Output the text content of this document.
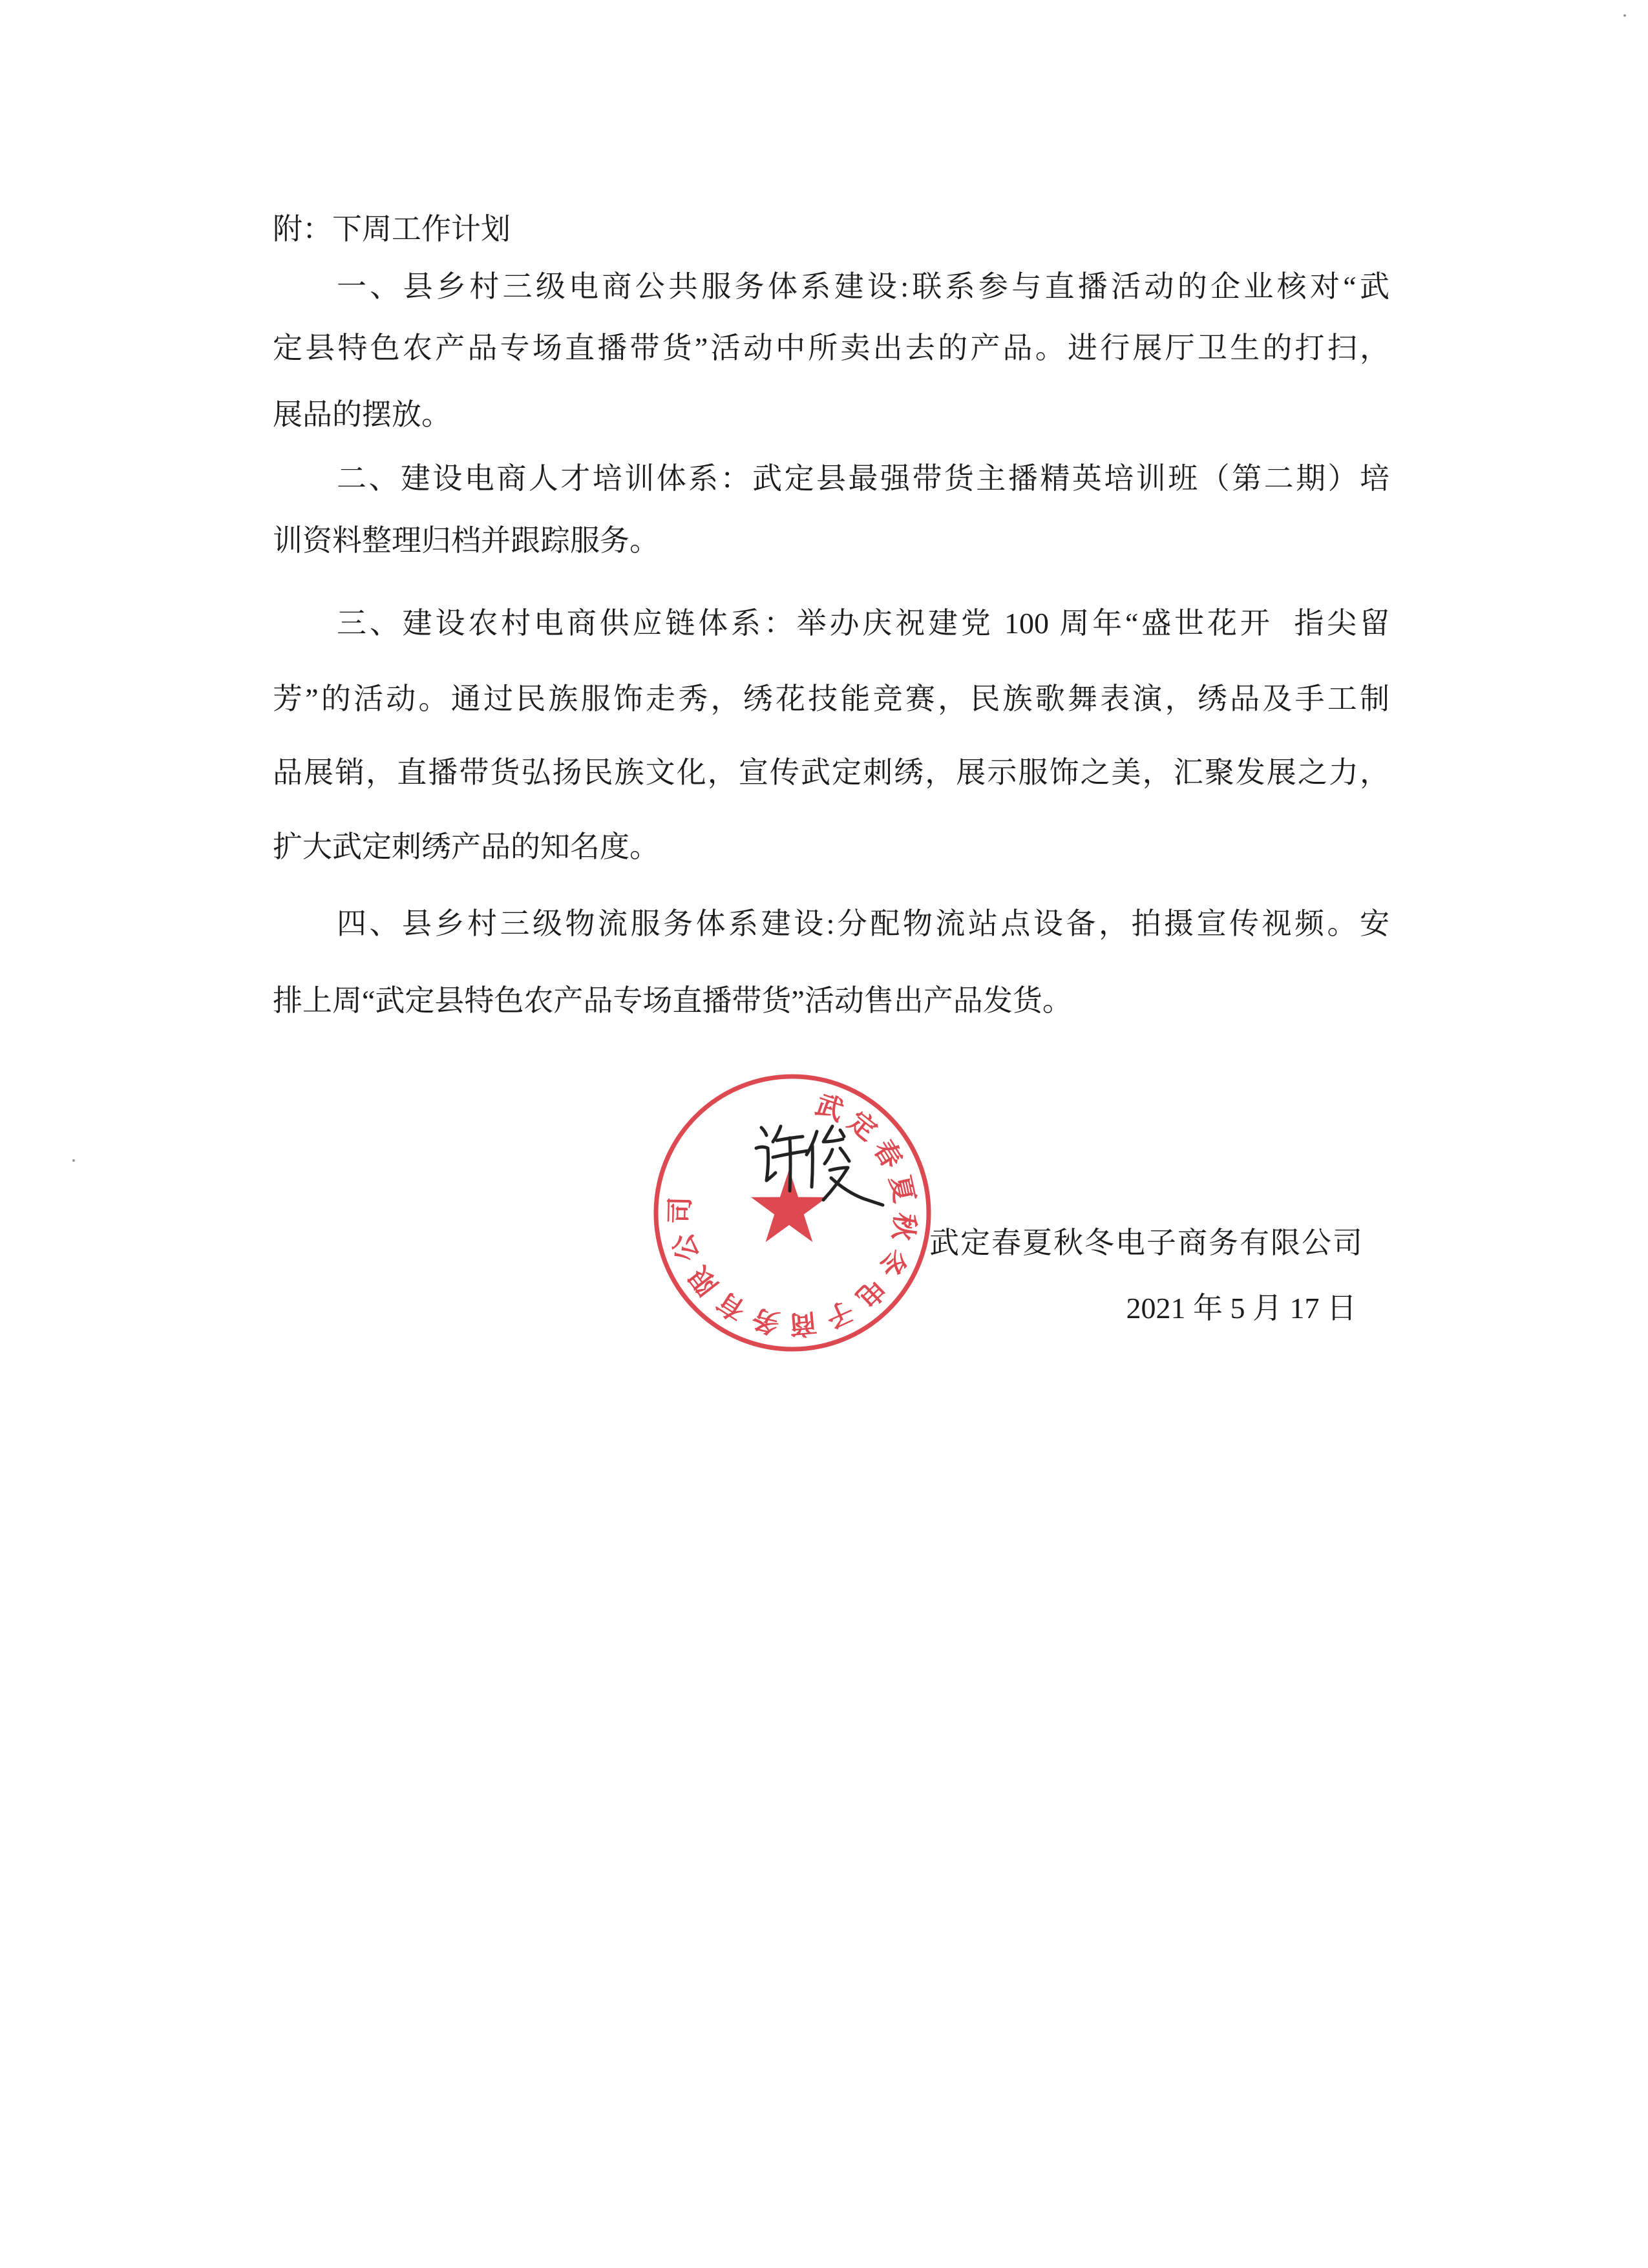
附：下周工作计划
一、县乡村三级电商公共服务体系建设:联系参与直播活动的企业核对“武
定县特色农产品专场直播带货”活动中所卖出去的产品。进行展厅卫生的打扫，
展品的摆放。
二、建设电商人才培训体系：武定县最强带货主播精英培训班（第二期）培
训资料整理归档并跟踪服务。
三、建设农村电商供应链体系：举办庆祝建党 100 周年“盛世花开  指尖留
芳”的活动。通过民族服饰走秀，绣花技能竞赛，民族歌舞表演，绣品及手工制
品展销，直播带货弘扬民族文化，宣传武定刺绣，展示服饰之美，汇聚发展之力，
扩大武定刺绣产品的知名度。
四、县乡村三级物流服务体系建设:分配物流站点设备，拍摄宣传视频。安
排上周“武定县特色农产品专场直播带货”活动售出产品发货。
武定春夏秋冬电子商务有限公司
武定春夏秋冬电子商务有限公司
2021 年 5 月 17 日
